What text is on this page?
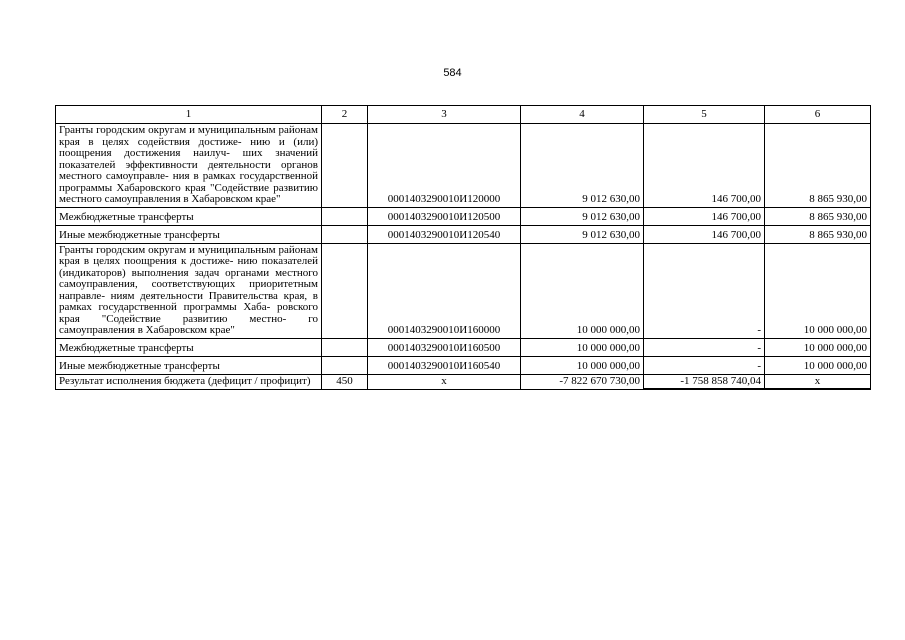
584
1	2	3	4	5	6
Гранты городским округам и муниципальным районам края в целях содействия достиже- нию и (или) поощрения достижения наилуч- ших значений показателей эффективности деятельности органов местного самоуправле- ния в рамках государственной программы Хабаровского края "Содействие развитию местного самоуправления в Хабаровском крае"		0001403290010И120000	9 012 630,00	146 700,00	8 865 930,00
Межбюджетные трансферты		0001403290010И120500	9 012 630,00	146 700,00	8 865 930,00
Иные межбюджетные трансферты		0001403290010И120540	9 012 630,00	146 700,00	8 865 930,00
Гранты городским округам и муниципальным районам края в целях поощрения к достиже- нию показателей (индикаторов) выполнения задач органами местного самоуправления, соответствующих приоритетным направле- ниям деятельности Правительства края, в рамках государственной программы Хаба- ровского края "Содействие развитию местно- го самоуправления в Хабаровском крае"		0001403290010И160000	10 000 000,00	-	10 000 000,00
Межбюджетные трансферты		0001403290010И160500	10 000 000,00	-	10 000 000,00
Иные межбюджетные трансферты		0001403290010И160540	10 000 000,00	-	10 000 000,00
Результат исполнения бюджета (дефицит / профицит)	450	x	-7 822 670 730,00	-1 758 858 740,04	x
